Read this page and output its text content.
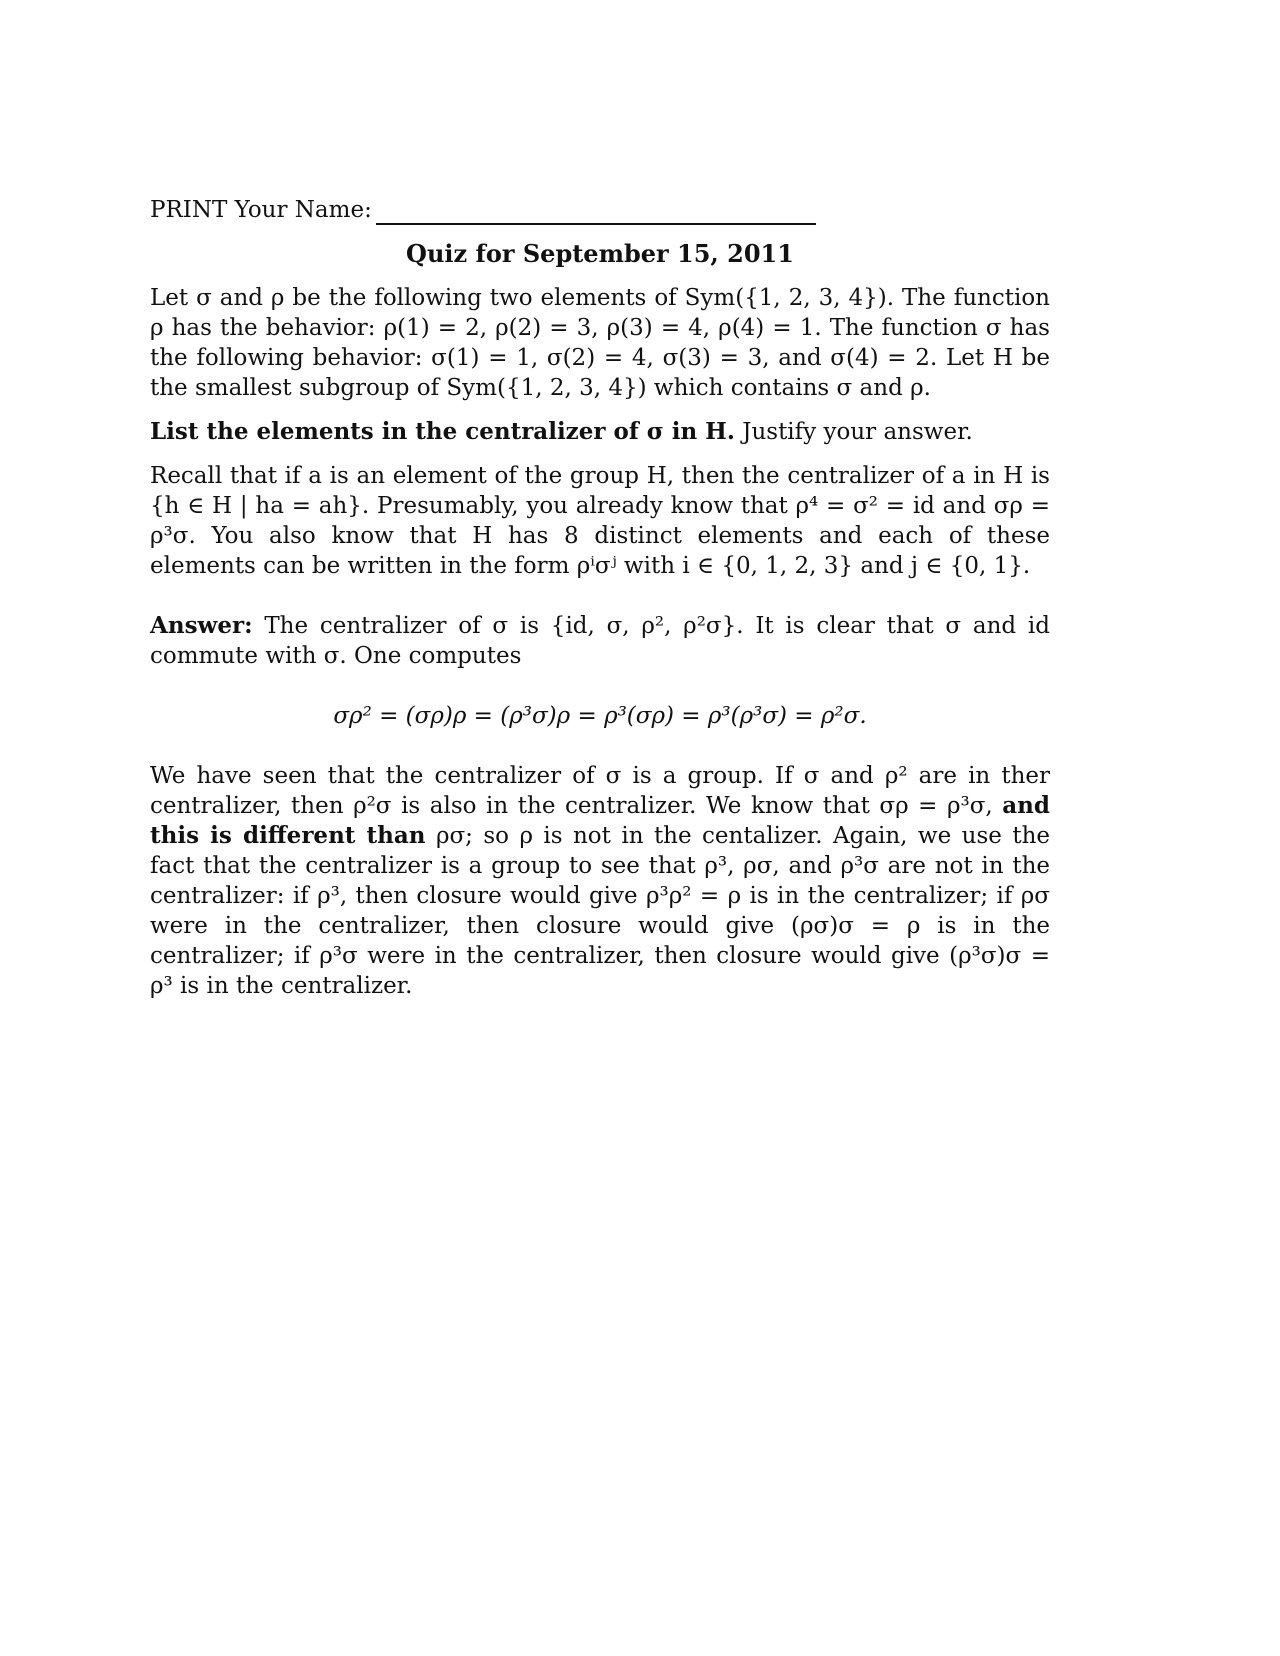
PRINT Your Name:
Quiz for September 15, 2011

Let σ and ρ be the following two elements of Sym({1, 2, 3, 4}). The function ρ has the behavior: ρ(1) = 2, ρ(2) = 3, ρ(3) = 4, ρ(4) = 1. The function σ has the following behavior: σ(1) = 1, σ(2) = 4, σ(3) = 3, and σ(4) = 2. Let H be the smallest subgroup of Sym({1, 2, 3, 4}) which contains σ and ρ.

List the elements in the centralizer of σ in H. Justify your answer.

Recall that if a is an element of the group H, then the centralizer of a in H is {h ∈ H | ha = ah}. Presumably, you already know that ρ⁴ = σ² = id and σρ = ρ³σ. You also know that H has 8 distinct elements and each of these elements can be written in the form ρⁱσʲ with i ∈ {0, 1, 2, 3} and j ∈ {0, 1}.

Answer: The centralizer of σ is {id, σ, ρ², ρ²σ}. It is clear that σ and id commute with σ. One computes

σρ² = (σρ)ρ = (ρ³σ)ρ = ρ³(σρ) = ρ³(ρ³σ) = ρ²σ.

We have seen that the centralizer of σ is a group. If σ and ρ² are in ther centralizer, then ρ²σ is also in the centralizer. We know that σρ = ρ³σ, and this is different than ρσ; so ρ is not in the centalizer. Again, we use the fact that the centralizer is a group to see that ρ³, ρσ, and ρ³σ are not in the centralizer: if ρ³, then closure would give ρ³ρ² = ρ is in the centralizer; if ρσ were in the centralizer, then closure would give (ρσ)σ = ρ is in the centralizer; if ρ³σ were in the centralizer, then closure would give (ρ³σ)σ = ρ³ is in the centralizer.
